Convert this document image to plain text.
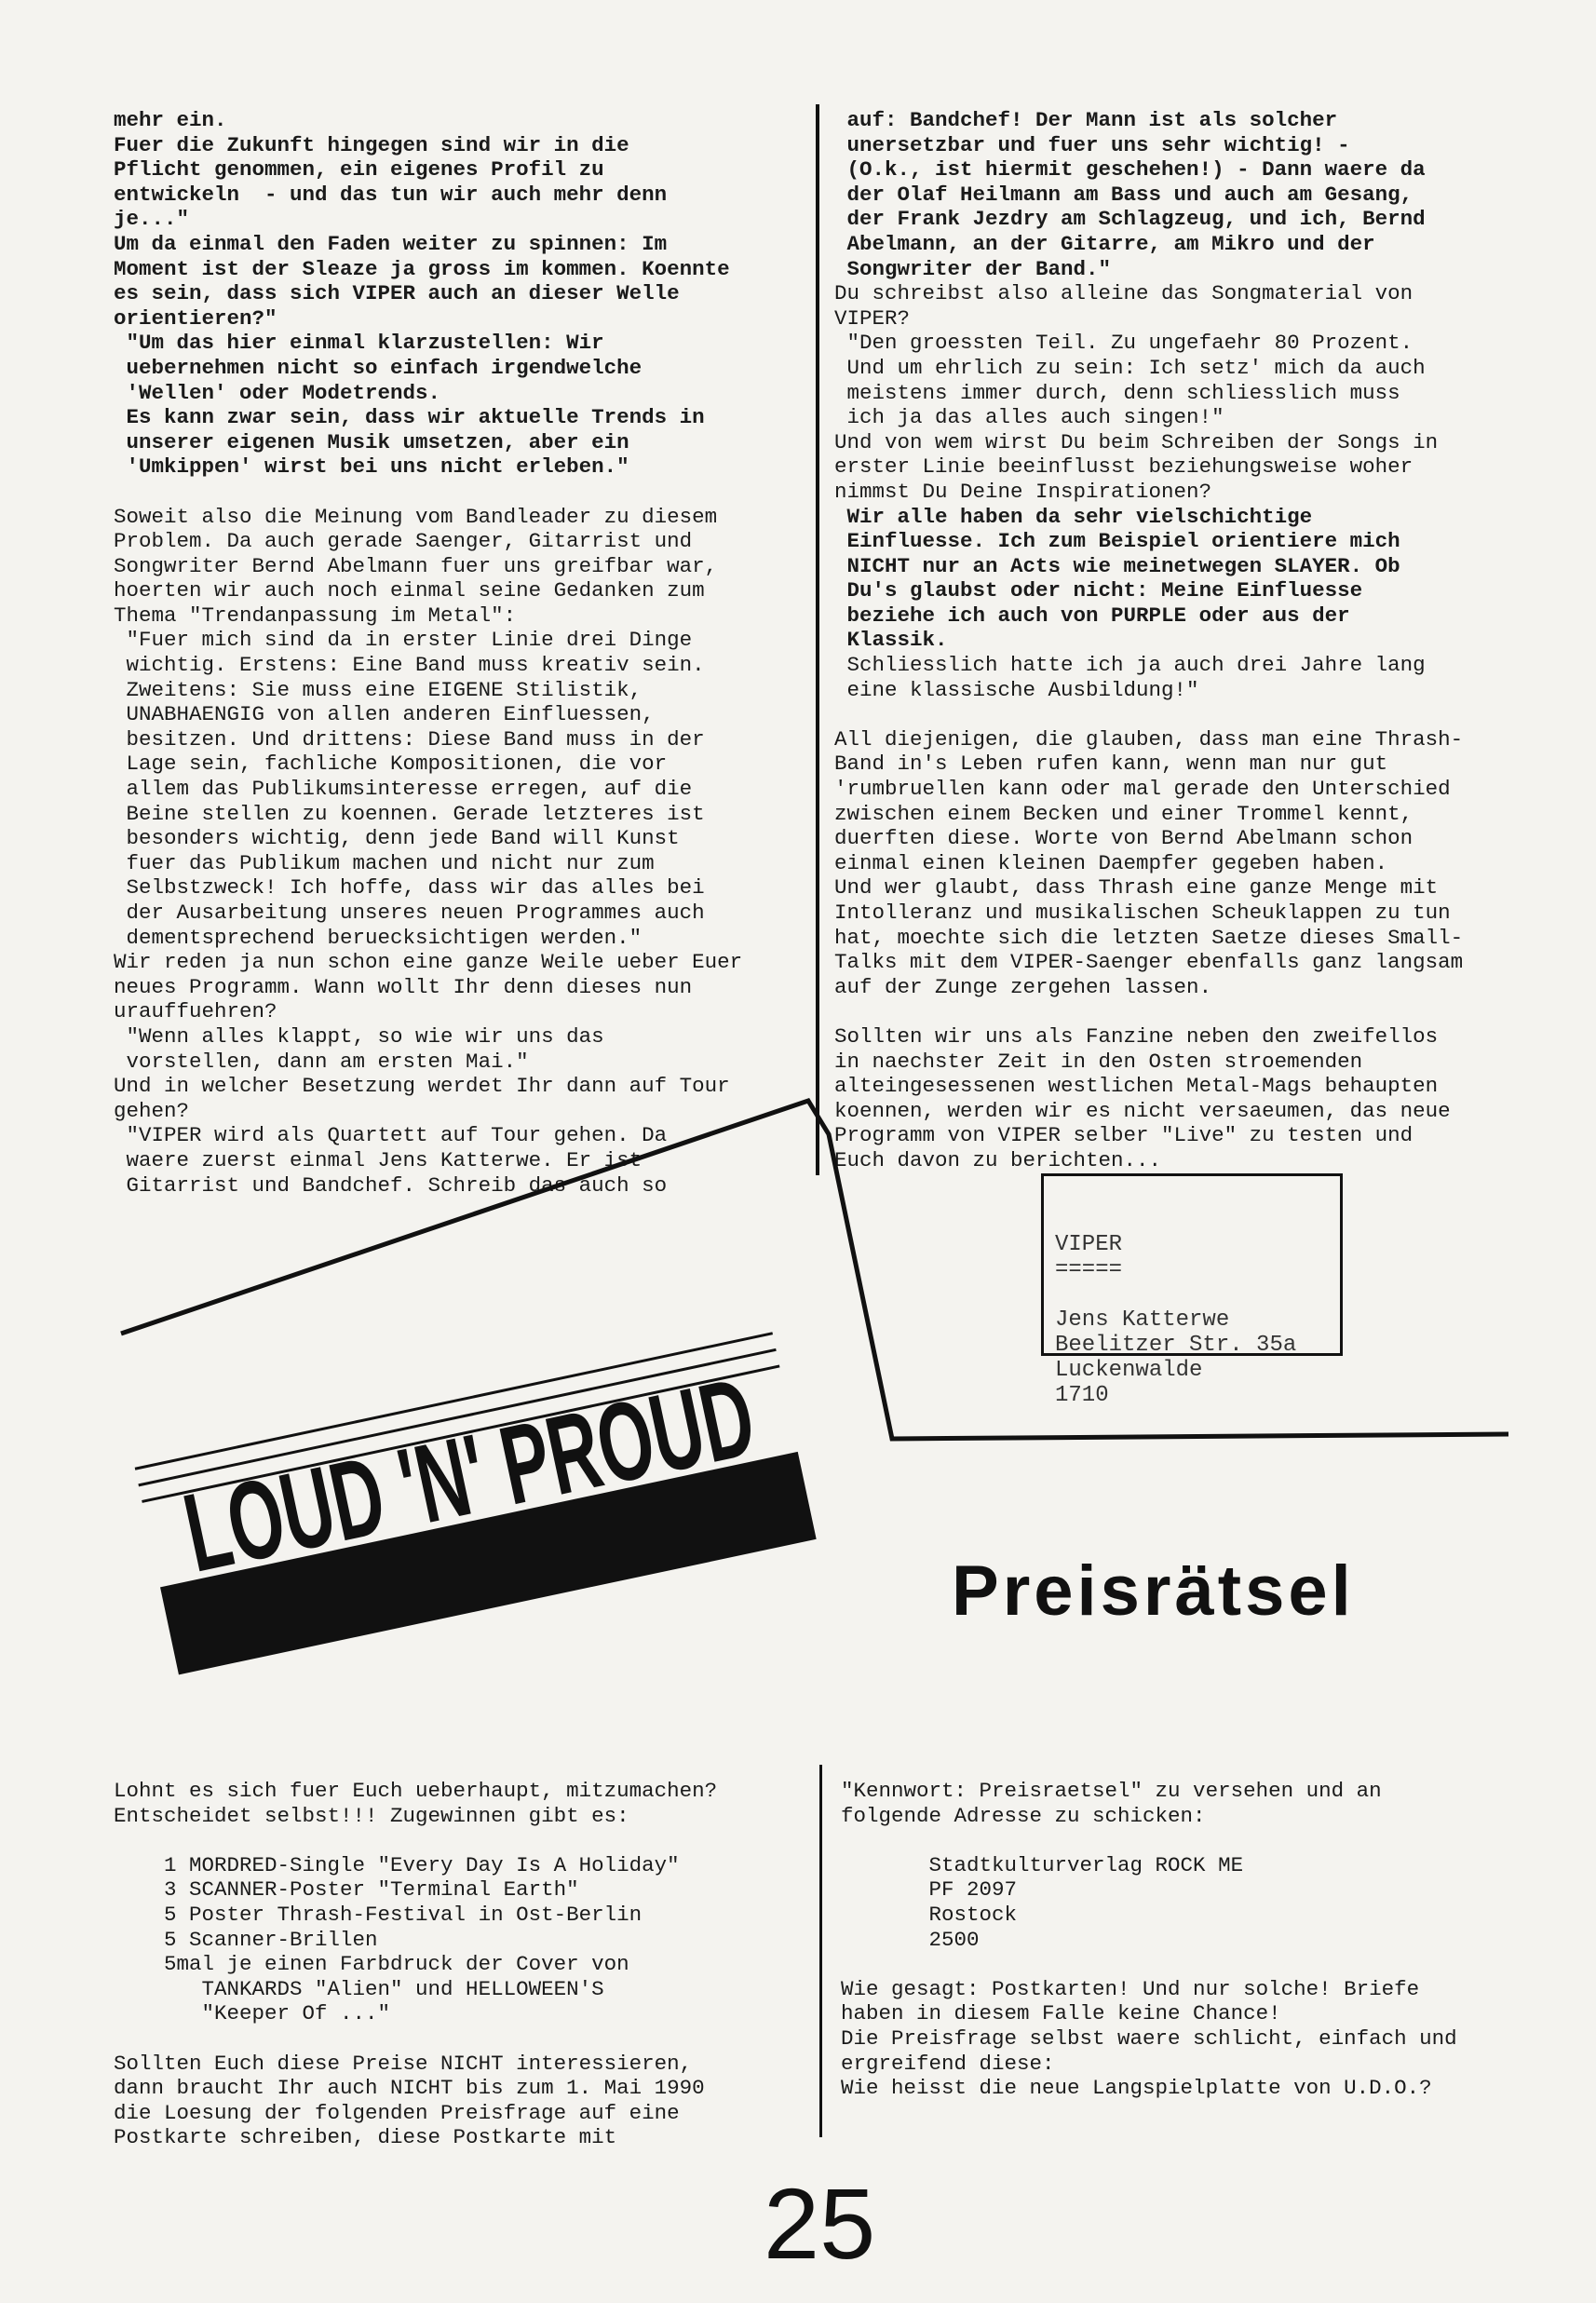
mehr ein.
Fuer die Zukunft hingegen sind wir in die
Pflicht genommen, ein eigenes Profil zu
entwickeln  - und das tun wir auch mehr denn
je..."
Um da einmal den Faden weiter zu spinnen: Im
Moment ist der Sleaze ja gross im kommen. Koennte
es sein, dass sich VIPER auch an dieser Welle
orientieren?"
"Um das hier einmal klarzustellen: Wir
uebernehmen nicht so einfach irgendwelche
'Wellen' oder Modetrends.
Es kann zwar sein, dass wir aktuelle Trends in
unserer eigenen Musik umsetzen, aber ein
'Umkippen' wirst bei uns nicht erleben."
Soweit also die Meinung vom Bandleader zu diesem
Problem. Da auch gerade Saenger, Gitarrist und
Songwriter Bernd Abelmann fuer uns greifbar war,
hoerten wir auch noch einmal seine Gedanken zum
Thema "Trendanpassung im Metal":
"Fuer mich sind da in erster Linie drei Dinge
wichtig. Erstens: Eine Band muss kreativ sein.
Zweitens: Sie muss eine EIGENE Stilistik,
UNABHAENGIG von allen anderen Einfluessen,
besitzen. Und drittens: Diese Band muss in der
Lage sein, fachliche Kompositionen, die vor
allem das Publikumsinteresse erregen, auf die
Beine stellen zu koennen. Gerade letzteres ist
besonders wichtig, denn jede Band will Kunst
fuer das Publikum machen und nicht nur zum
Selbstzweck! Ich hoffe, dass wir das alles bei
der Ausarbeitung unseres neuen Programmes auch
dementsprechend beruecksichtigen werden."
Wir reden ja nun schon eine ganze Weile ueber Euer
neues Programm. Wann wollt Ihr denn dieses nun
urauffuehren?
"Wenn alles klappt, so wie wir uns das
vorstellen, dann am ersten Mai."
Und in welcher Besetzung werdet Ihr dann auf Tour
gehen?
"VIPER wird als Quartett auf Tour gehen. Da
waere zuerst einmal Jens Katterwe. Er ist
Gitarrist und Bandchef. Schreib das auch so
auf: Bandchef! Der Mann ist als solcher
unersetzbar und fuer uns sehr wichtig! -
(O.k., ist hiermit geschehen!) - Dann waere da
der Olaf Heilmann am Bass und auch am Gesang,
der Frank Jezdry am Schlagzeug, und ich, Bernd
Abelmann, an der Gitarre, am Mikro und der
Songwriter der Band."
Du schreibst also alleine das Songmaterial von
VIPER?
"Den groessten Teil. Zu ungefaehr 80 Prozent.
Und um ehrlich zu sein: Ich setz' mich da auch
meistens immer durch, denn schliesslich muss
ich ja das alles auch singen!"
Und von wem wirst Du beim Schreiben der Songs in
erster Linie beeinflusst beziehungsweise woher
nimmst Du Deine Inspirationen?
Wir alle haben da sehr vielschichtige
Einfluesse. Ich zum Beispiel orientiere mich
NICHT nur an Acts wie meinetwegen SLAYER. Ob
Du's glaubst oder nicht: Meine Einfluesse
beziehe ich auch von PURPLE oder aus der
Klassik.
Schliesslich hatte ich ja auch drei Jahre lang
eine klassische Ausbildung!"
All diejenigen, die glauben, dass man eine Thrash-
Band in's Leben rufen kann, wenn man nur gut
'rumbruellen kann oder mal gerade den Unterschied
zwischen einem Becken und einer Trommel kennt,
duerften diese. Worte von Bernd Abelmann schon
einmal einen kleinen Daempfer gegeben haben.
Und wer glaubt, dass Thrash eine ganze Menge mit
Intolleranz und musikalischen Scheuklappen zu tun
hat, moechte sich die letzten Saetze dieses Small-
Talks mit dem VIPER-Saenger ebenfalls ganz langsam
auf der Zunge zergehen lassen.
Sollten wir uns als Fanzine neben den zweifellos
in naechster Zeit in den Osten stroemenden
alteingesessenen westlichen Metal-Mags behaupten
koennen, werden wir es nicht versaeumen, das neue
Programm von VIPER selber "Live" zu testen und
Euch davon zu berichten...

VIPER
=====
Jens Katterwe
Beelitzer Str. 35a
Luckenwalde
1710

LOUD 'N' PROUD
Preisrätsel
Lohnt es sich fuer Euch ueberhaupt, mitzumachen?
Entscheidet selbst!!! Zugewinnen gibt es:
1 MORDRED-Single "Every Day Is A Holiday"
3 SCANNER-Poster "Terminal Earth"
5 Poster Thrash-Festival in Ost-Berlin
5 Scanner-Brillen
5mal je einen Farbdruck der Cover von
TANKARDS "Alien" und HELLOWEEN'S
"Keeper Of ..."
Sollten Euch diese Preise NICHT interessieren,
dann braucht Ihr auch NICHT bis zum 1. Mai 1990
die Loesung der folgenden Preisfrage auf eine
Postkarte schreiben, diese Postkarte mit
"Kennwort: Preisraetsel" zu versehen und an
folgende Adresse zu schicken:
Stadtkulturverlag ROCK ME
PF 2097
Rostock
2500
Wie gesagt: Postkarten! Und nur solche! Briefe
haben in diesem Falle keine Chance!
Die Preisfrage selbst waere schlicht, einfach und
ergreifend diese:
Wie heisst die neue Langspielplatte von U.D.O.?
25
